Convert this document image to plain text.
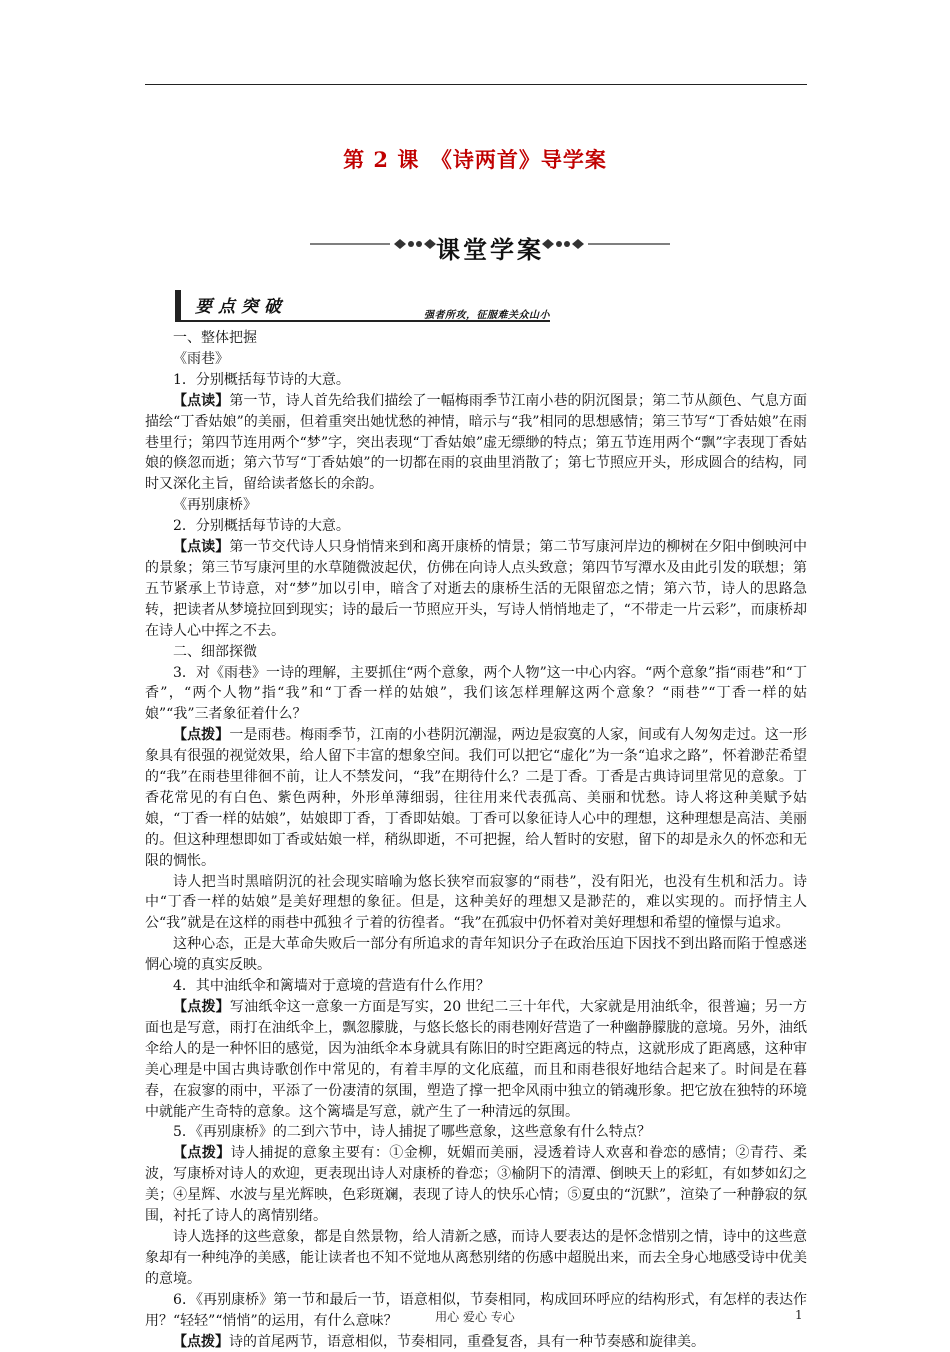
第 2 课　《诗两首》导学案
课堂学案
要点突破	强者所攻，征服难关众山小

一、整体把握

《雨巷》

1．分别概括每节诗的大意。

【点读】第一节，诗人首先给我们描绘了一幅梅雨季节江南小巷的阴沉图景；第二节从颜色、气息方面描绘“丁香姑娘”的美丽，但着重突出她忧愁的神情，暗示与“我”相同的思想感情；第三节写“丁香姑娘”在雨巷里行；第四节连用两个“梦”字，突出表现“丁香姑娘”虚无缥缈的特点；第五节连用两个“飘”字表现丁香姑娘的倏忽而逝；第六节写“丁香姑娘”的一切都在雨的哀曲里消散了；第七节照应开头，形成圆合的结构，同时又深化主旨，留给读者悠长的余韵。

《再别康桥》

2．分别概括每节诗的大意。

【点读】第一节交代诗人只身悄情来到和离开康桥的情景；第二节写康河岸边的柳树在夕阳中倒映河中的景象；第三节写康河里的水草随微波起伏，仿佛在向诗人点头致意；第四节写潭水及由此引发的联想；第五节紧承上节诗意，对“梦”加以引申，暗含了对逝去的康桥生活的无限留恋之情；第六节，诗人的思路急转，把读者从梦境拉回到现实；诗的最后一节照应开头，写诗人悄悄地走了，“不带走一片云彩”，而康桥却在诗人心中挥之不去。

二、细部探微

3．对《雨巷》一诗的理解，主要抓住“两个意象，两个人物”这一中心内容。“两个意象”指“雨巷”和“丁香”，“两个人物”指“我”和“丁香一样的姑娘”，我们该怎样理解这两个意象？“雨巷”“丁香一样的姑娘”“我”三者象征着什么？

【点拨】一是雨巷。梅雨季节，江南的小巷阴沉潮湿，两边是寂寞的人家，间或有人匆匆走过。这一形象具有很强的视觉效果，给人留下丰富的想象空间。我们可以把它“虚化”为一条“追求之路”，怀着渺茫希望的“我”在雨巷里徘徊不前，让人不禁发问，“我”在期待什么？二是丁香。丁香是古典诗词里常见的意象。丁香花常见的有白色、紫色两种，外形单薄细弱，往往用来代表孤高、美丽和忧愁。诗人将这种美赋予姑娘，“丁香一样的姑娘”，姑娘即丁香，丁香即姑娘。丁香可以象征诗人心中的理想，这种理想是高洁、美丽的。但这种理想即如丁香或姑娘一样，稍纵即逝，不可把握，给人暂时的安慰，留下的却是永久的怀恋和无限的惆怅。

诗人把当时黑暗阴沉的社会现实暗喻为悠长狭窄而寂寥的“雨巷”，没有阳光，也没有生机和活力。诗中“丁香一样的姑娘”是美好理想的象征。但是，这种美好的理想又是渺茫的，难以实现的。而抒情主人公“我”就是在这样的雨巷中孤独彳亍着的彷徨者。“我”在孤寂中仍怀着对美好理想和希望的憧憬与追求。

这种心态，正是大革命失败后一部分有所追求的青年知识分子在政治压迫下因找不到出路而陷于惶惑迷惘心境的真实反映。

4．其中油纸伞和篱墙对于意境的营造有什么作用？

【点拨】写油纸伞这一意象一方面是写实，20 世纪二三十年代，大家就是用油纸伞，很普遍；另一方面也是写意，雨打在油纸伞上，飘忽朦胧，与悠长悠长的雨巷刚好营造了一种幽静朦胧的意境。另外，油纸伞给人的是一种怀旧的感觉，因为油纸伞本身就具有陈旧的时空距离远的特点，这就形成了距离感，这种审美心理是中国古典诗歌创作中常见的，有着丰厚的文化底蕴，而且和雨巷很好地结合起来了。时间是在暮春，在寂寥的雨中，平添了一份凄清的氛围，塑造了撑一把伞风雨中独立的销魂形象。把它放在独特的环境中就能产生奇特的意象。这个篱墙是写意，就产生了一种清远的氛围。

5．《再别康桥》的二到六节中，诗人捕捉了哪些意象，这些意象有什么特点？

【点拨】诗人捕捉的意象主要有：①金柳，妩媚而美丽，浸透着诗人欢喜和眷恋的感情；②青荇、柔波，写康桥对诗人的欢迎，更表现出诗人对康桥的眷恋；③榆阴下的清潭、倒映天上的彩虹，有如梦如幻之美；④星辉、水波与星光辉映，色彩斑斓，表现了诗人的快乐心情；⑤夏虫的“沉默”，渲染了一种静寂的氛围，衬托了诗人的离情别绪。

诗人选择的这些意象，都是自然景物，给人清新之感，而诗人要表达的是怀念惜别之情，诗中的这些意象却有一种纯净的美感，能让读者也不知不觉地从离愁别绪的伤感中超脱出来，而去全身心地感受诗中优美的意境。

6．《再别康桥》第一节和最后一节，语意相似，节奏相同，构成回环呼应的结构形式，有怎样的表达作用？“轻轻”“悄悄”的运用，有什么意味？

【点拨】诗的首尾两节，语意相似，节奏相同，重叠复沓，具有一种节奏感和旋律美。

用心 爱心 专心	1
